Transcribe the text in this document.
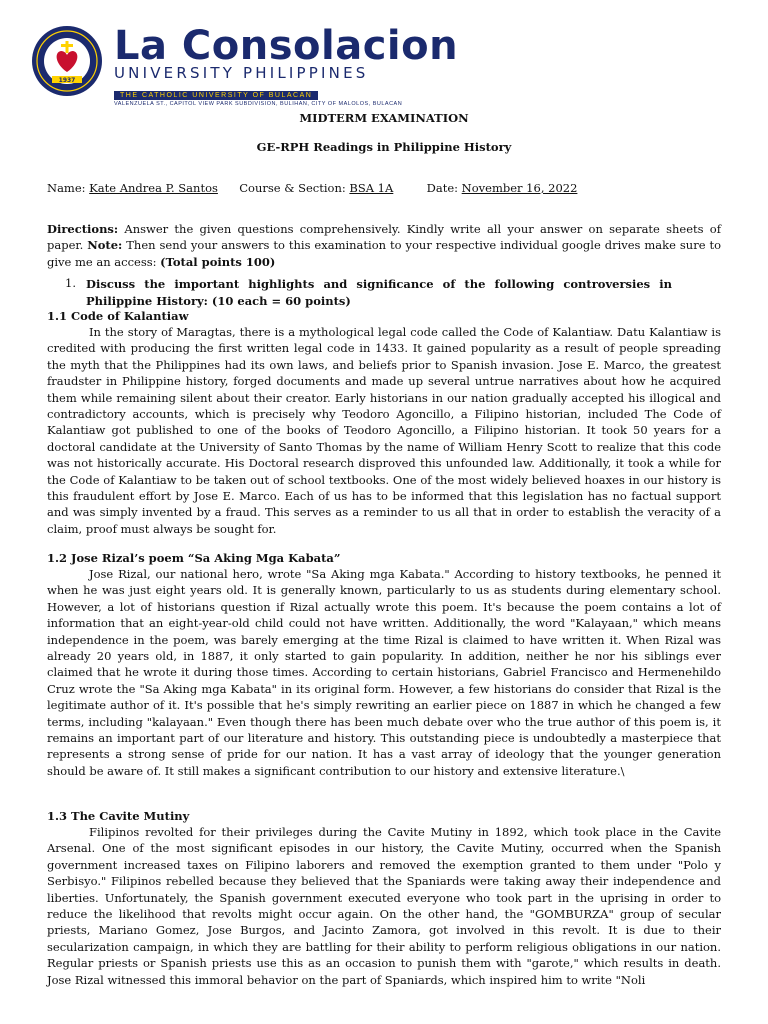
1937
La Consolacion
UNIVERSITY PHILIPPINES
THE CATHOLIC UNIVERSITY OF BULACAN
VALENZUELA ST., CAPITOL VIEW PARK SUBDIVISION, BULIHAN, CITY OF MALOLOS, BULACAN
MIDTERM EXAMINATION
GE-RPH Readings in Philippine History
Name: Kate Andrea P. Santos Course & Section: BSA 1A	Date: November 16, 2022
Directions: Answer the given questions comprehensively. Kindly write all your answer on separate sheets of paper. Note: Then send your answers to this examination to your respective individual google drives make sure to give me an access: (Total points 100)
1. Discuss the important highlights and significance of the following controversies in Philippine History: (10 each = 60 points)
1.1 Code of Kalantiaw
In the story of Maragtas, there is a mythological legal code called the Code of Kalantiaw. Datu Kalantiaw is credited with producing the first written legal code in 1433. It gained popularity as a result of people spreading the myth that the Philippines had its own laws, and beliefs prior to Spanish invasion. Jose E. Marco, the greatest fraudster in Philippine history, forged documents and made up several untrue narratives about how he acquired them while remaining silent about their creator. Early historians in our nation gradually accepted his illogical and contradictory accounts, which is precisely why Teodoro Agoncillo, a Filipino historian, included The Code of Kalantiaw got published to one of the books of Teodoro Agoncillo, a Filipino historian. It took 50 years for a doctoral candidate at the University of Santo Thomas by the name of William Henry Scott to realize that this code was not historically accurate. His Doctoral research disproved this unfounded law. Additionally, it took a while for the Code of Kalantiaw to be taken out of school textbooks. One of the most widely believed hoaxes in our history is this fraudulent effort by Jose E. Marco. Each of us has to be informed that this legislation has no factual support and was simply invented by a fraud. This serves as a reminder to us all that in order to establish the veracity of a claim, proof must always be sought for.
1.2 Jose Rizal’s poem “Sa Aking Mga Kabata”
Jose Rizal, our national hero, wrote "Sa Aking mga Kabata." According to history textbooks, he penned it when he was just eight years old. It is generally known, particularly to us as students during elementary school. However, a lot of historians question if Rizal actually wrote this poem. It's because the poem contains a lot of information that an eight-year-old child could not have written. Additionally, the word "Kalayaan," which means independence in the poem, was barely emerging at the time Rizal is claimed to have written it. When Rizal was already 20 years old, in 1887, it only started to gain popularity. In addition, neither he nor his siblings ever claimed that he wrote it during those times. According to certain historians, Gabriel Francisco and Hermenehildo Cruz wrote the "Sa Aking mga Kabata" in its original form. However, a few historians do consider that Rizal is the legitimate author of it. It's possible that he's simply rewriting an earlier piece on 1887 in which he changed a few terms, including "kalayaan." Even though there has been much debate over who the true author of this poem is, it remains an important part of our literature and history. This outstanding piece is undoubtedly a masterpiece that represents a strong sense of pride for our nation. It has a vast array of ideology that the younger generation should be aware of. It still makes a significant contribution to our history and extensive literature.\
1.3 The Cavite Mutiny
Filipinos revolted for their privileges during the Cavite Mutiny in 1892, which took place in the Cavite Arsenal. One of the most significant episodes in our history, the Cavite Mutiny, occurred when the Spanish government increased taxes on Filipino laborers and removed the exemption granted to them under "Polo y Serbisyo." Filipinos rebelled because they believed that the Spaniards were taking away their independence and liberties. Unfortunately, the Spanish government executed everyone who took part in the uprising in order to reduce the likelihood that revolts might occur again. On the other hand, the "GOMBURZA" group of secular priests, Mariano Gomez, Jose Burgos, and Jacinto Zamora, got involved in this revolt. It is due to their secularization campaign, in which they are battling for their ability to perform religious obligations in our nation. Regular priests or Spanish priests use this as an occasion to punish them with "garote," which results in death. Jose Rizal witnessed this immoral behavior on the part of Spaniards, which inspired him to write "Noli
